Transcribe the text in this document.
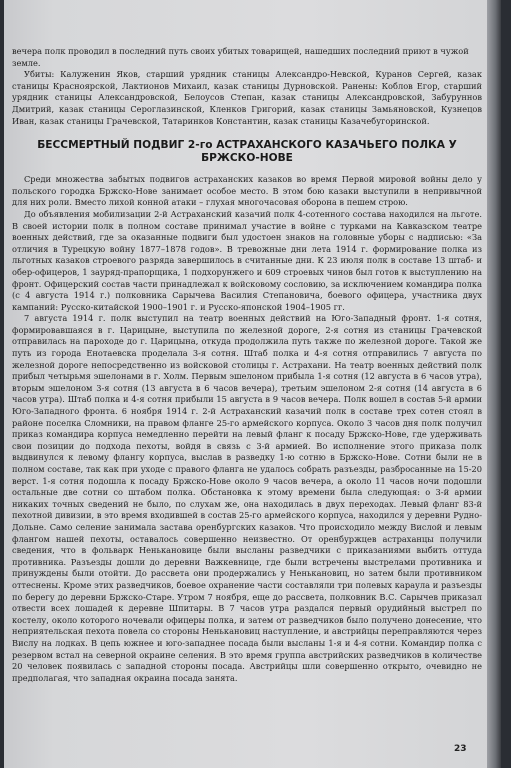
вечера полк проводил в последний путь своих убитых товарищей, нашедших последний приют в чужой

земле.

Убиты: Калуженин Яков, старший урядник станицы Александро-Невской, Куранов Сергей, казак станицы Красноярской, Лактионов Михаил, казак станицы Дурновской. Ранены: Коблов Егор, старший урядник станицы Александровской, Белоусов Степан, казак станицы Александровской, Забуруннов Дмитрий, казак станицы Сероглазинской, Кленков Григорий, казак станицы Замьяновской, Кузнецов Иван, казак станицы Грачевской, Татаринков Константин, казак станицы Казачебугоринской.

БЕССМЕРТНЫЙ ПОДВИГ 2-го АСТРАХАНСКОГО КАЗАЧЬЕГО ПОЛКА У БРЖСКО-НОВЕ

Среди множества забытых подвигов астраханских казаков во время Первой мировой войны дело у польского городка Бржско-Нове занимает особое место. В этом бою казаки выступили в непривычной для них роли. Вместо лихой конной атаки – глухая многочасовая оборона в пешем строю.

До объявления мобилизации 2-й Астраханский казачий полк 4-сотенного состава находился на льготе. В своей истории полк в полном составе принимал участие в войне с турками на Кавказском театре военных действий, где за оказанные подвиги был удостоен знаков на головные уборы с надписью: «За отличия в Турецкую войну 1877–1878 годов». В тревожные дни лета 1914 г. формирование полка из льготных казаков строевого разряда завершилось в считанные дни. К 23 июля полк в составе 13 штаб- и обер-офицеров, 1 зауряд-прапорщика, 1 подхорунжего и 609 строевых чинов был готов к выступлению на фронт. Офицерский состав части принадлежал к войсковому сословию, за исключением командира полка (с 4 августа 1914 г.) полковника Сарычева Василия Степановича, боевого офицера, участника двух кампаний: Русско-китайской 1900–1901 г. и Русско-японской 1904–1905 гг.

7 августа 1914 г. полк выступил на театр военных действий на Юго-Западный фронт. 1-я сотня, формировавшаяся в г. Царицыне, выступила по железной дороге, 2-я сотня из станицы Грачевской отправилась на пароходе до г. Царицына, откуда продолжила путь также по железной дороге. Такой же путь из города Енотаевска проделала 3-я сотня. Штаб полка и 4-я сотня отправились 7 августа по железной дороге непосредственно из войсковой столицы г. Астрахани. На театр военных действий полк прибыл четырьмя эшелонами в г. Холм. Первым эшелоном прибыла 1-я сотня (12 августа в 6 часов утра), вторым эшелоном 3-я сотня (13 августа в 6 часов вечера), третьим эшелоном 2-я сотня (14 августа в 6 часов утра). Штаб полка и 4-я сотня прибыли 15 августа в 9 часов вечера. Полк вошел в состав 5-й армии Юго-Западного фронта. 6 ноября 1914 г. 2-й Астраханский казачий полк в составе трех сотен стоял в районе поселка Сломники, на правом фланге 25-го армейского корпуса. Около 3 часов дня полк получил приказ командира корпуса немедленно перейти на левый фланг к посаду Бржско-Нове, где удерживать свои позиции до подхода пехоты, войдя в связь с 3-й армией. Во исполнение этого приказа полк выдвинулся к левому флангу корпуса, выслав в разведку 1-ю сотню в Бржско-Нове. Сотни были не в полном составе, так как при уходе с правого фланга не удалось собрать разъезды, разбросанные на 15-20 верст. 1-я сотня подошла к посаду Бржско-Нове около 9 часов вечера, а около 11 часов ночи подошли остальные две сотни со штабом полка. Обстановка к этому времени была следующая: о 3-й армии никаких точных сведений не было, по слухам же, она находилась в двух переходах. Левый фланг 83-й пехотной дивизии, в это время входившей в состав 25-го армейского корпуса, находился у деревни Рудно-Дольне. Само селение занимала застава оренбургских казаков. Что происходило между Вислой и левым флангом нашей пехоты, оставалось совершенно неизвестно. От оренбуржцев астраханцы получили сведения, что в фольварк Ненькановице были высланы разведчики с приказаниями выбить оттуда противника. Разъезды дошли до деревни Важкевнице, где были встречены выстрелами противника и принуждены были отойти. До рассвета они продержались у Ненькановиц, но затем были противником оттеснены. Кроме этих разведчиков, боевое охранение части составляли три полевых караула и разъезды по берегу до деревни Бржско-Старе. Утром 7 ноября, еще до рассвета, полковник В.С. Сарычев приказал отвести всех лошадей к деревне Шпитары. В 7 часов утра раздался первый орудийный выстрел по костелу, около которого ночевали офицеры полка, и затем от разведчиков было получено донесение, что неприятельская пехота повела со стороны Ненькановиц наступление, и австрийцы переправляются через Вислу на лодках. В цепь южнее и юго-западнее посада были высланы 1-я и 4-я сотни. Командир полка с резервом встал на северной окраине селения. В это время группа австрийских разведчиков в количестве 20 человек появилась с западной стороны посада. Австрийцы шли совершенно открыто, очевидно не предполагая, что западная окраина посада занята.

23
